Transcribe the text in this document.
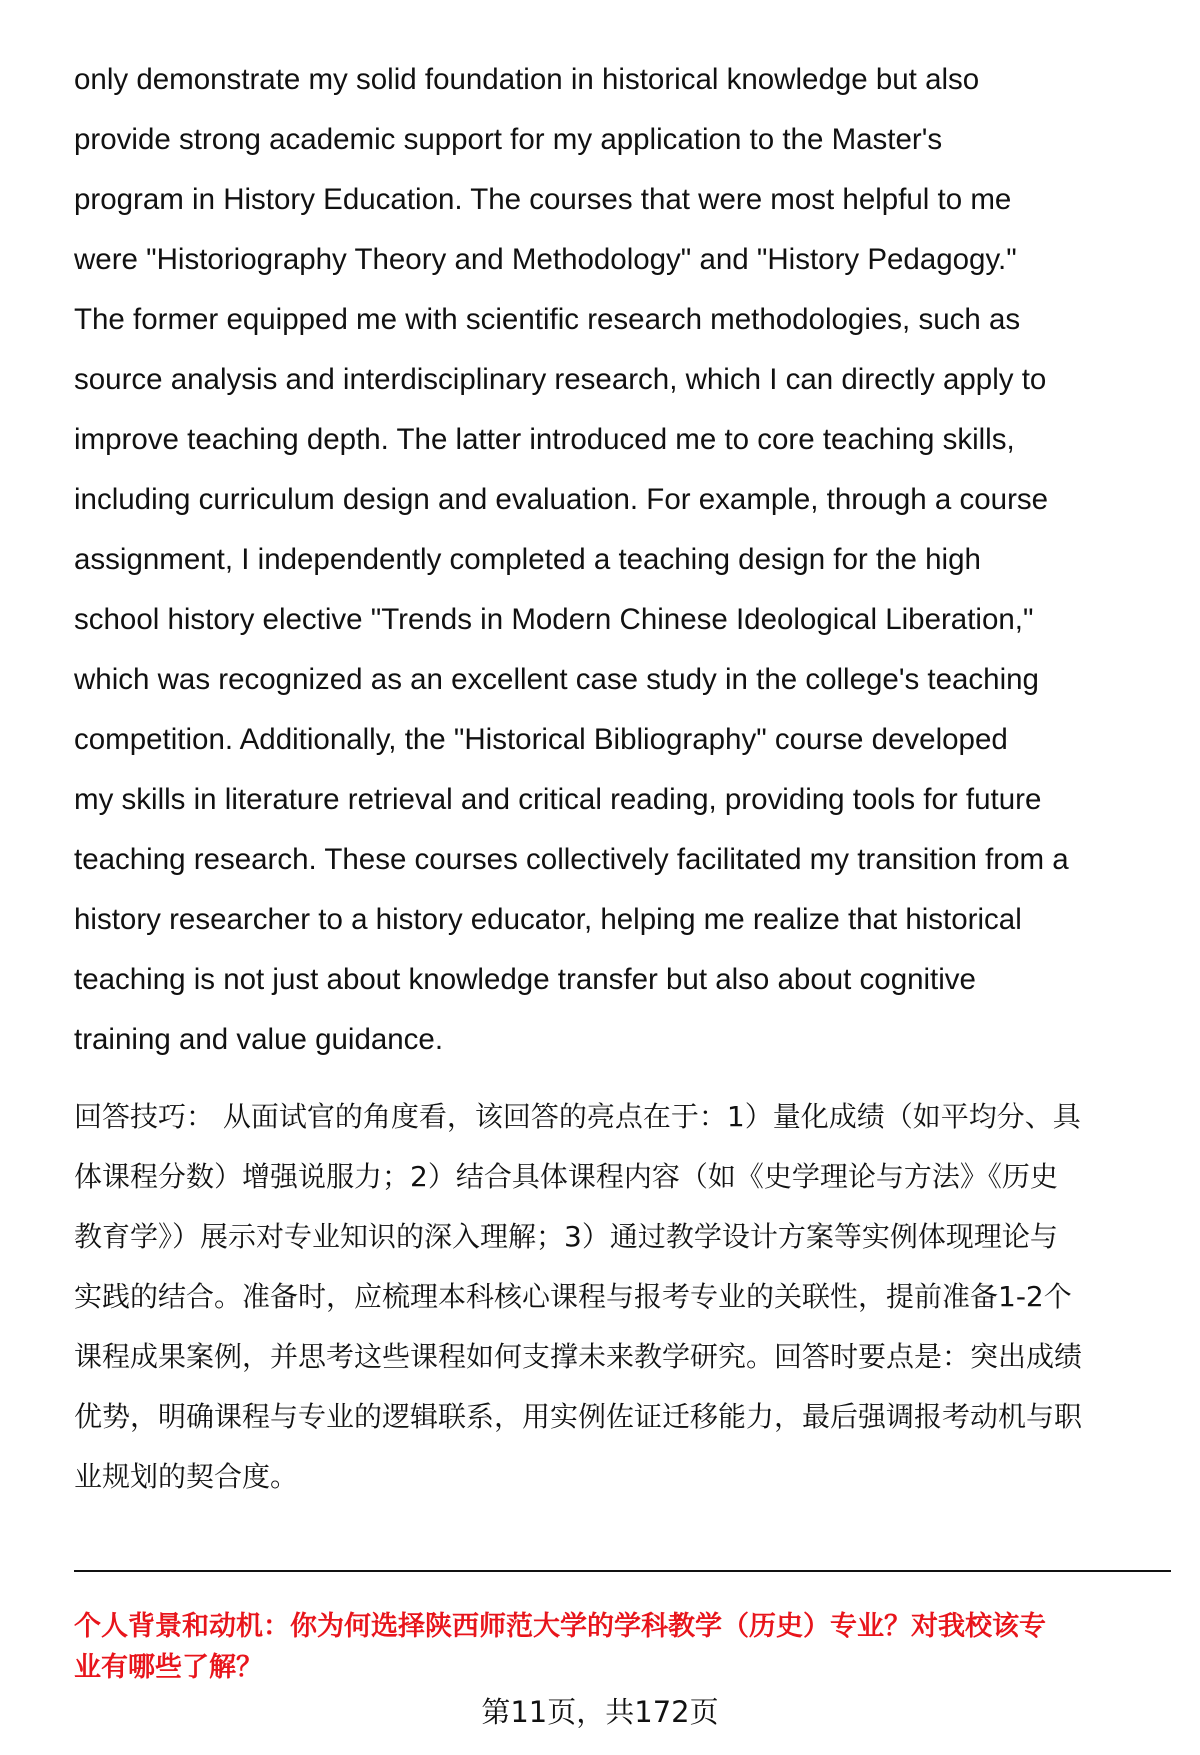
only demonstrate my solid foundation in historical knowledge but also
provide strong academic support for my application to the Master's
program in History Education. The courses that were most helpful to me
were "Historiography Theory and Methodology" and "History Pedagogy."
The former equipped me with scientific research methodologies, such as
source analysis and interdisciplinary research, which I can directly apply to
improve teaching depth. The latter introduced me to core teaching skills,
including curriculum design and evaluation. For example, through a course
assignment, I independently completed a teaching design for the high
school history elective "Trends in Modern Chinese Ideological Liberation,"
which was recognized as an excellent case study in the college's teaching
competition. Additionally, the "Historical Bibliography" course developed
my skills in literature retrieval and critical reading, providing tools for future
teaching research. These courses collectively facilitated my transition from a
history researcher to a history educator, helping me realize that historical
teaching is not just about knowledge transfer but also about cognitive
training and value guidance.
回答技巧： 从面试官的角度看，该回答的亮点在于：1）量化成绩（如平均分、具
体课程分数）增强说服力；2）结合具体课程内容（如《史学理论与方法》《历史
教育学》）展示对专业知识的深入理解；3）通过教学设计方案等实例体现理论与
实践的结合。准备时，应梳理本科核心课程与报考专业的关联性，提前准备1-2个
课程成果案例，并思考这些课程如何支撑未来教学研究。回答时要点是：突出成绩
优势，明确课程与专业的逻辑联系，用实例佐证迁移能力，最后强调报考动机与职
业规划的契合度。
个人背景和动机：你为何选择陕西师范大学的学科教学（历史）专业？对我校该专
业有哪些了解？
第11页，共172页
